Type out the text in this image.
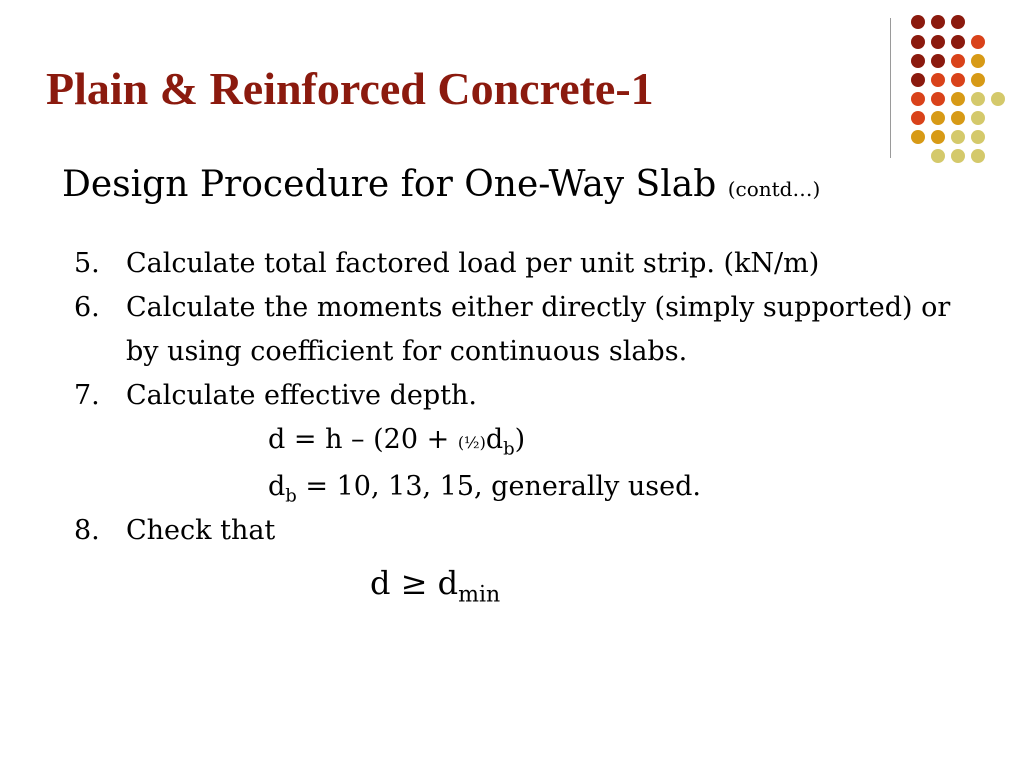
Plain & Reinforced Concrete-1
Design Procedure for One-Way Slab (contd…)
5. Calculate total factored load per unit strip. (kN/m)
6. Calculate the moments either directly (simply supported) or by using coefficient for continuous slabs.
7. Calculate effective depth.
$d = h - (20 + (\frac{1}{2})d_b)$
$d_b = 10$, 13, 15, generally used.
8. Check that
$d \ge d_{min}$
